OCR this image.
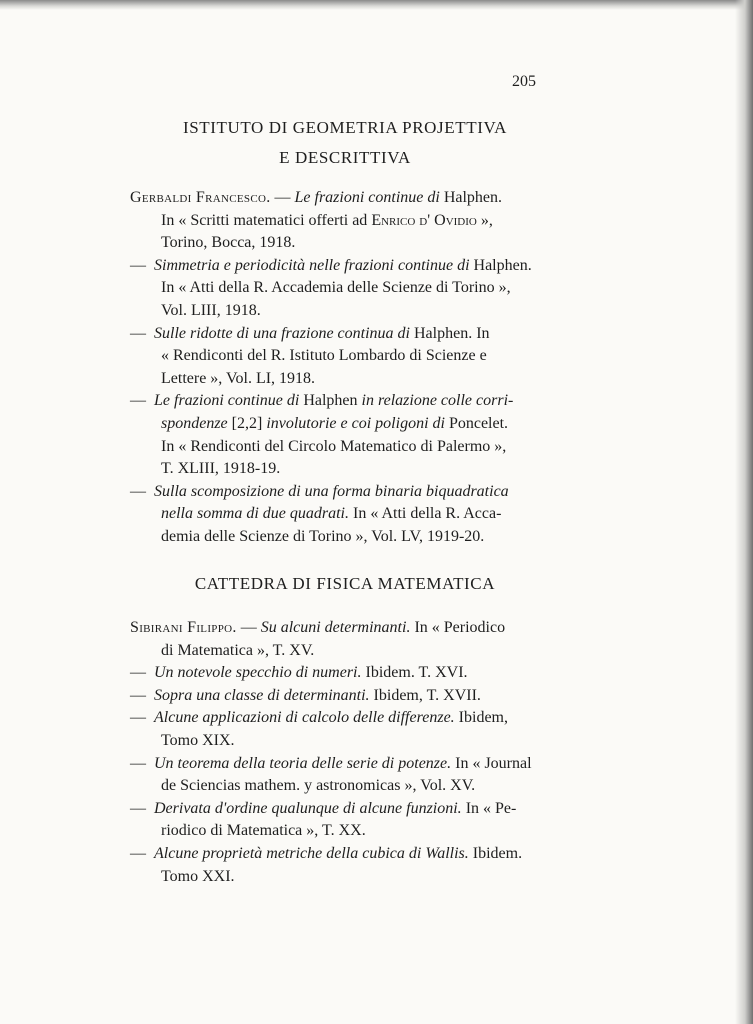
205
ISTITUTO DI GEOMETRIA PROJETTIVA
E DESCRITTIVA
Gerbaldi Francesco. — Le frazioni continue di Halphen.
In « Scritti matematici offerti ad Enrico d' Ovidio »,
Torino, Bocca, 1918.
— Simmetria e periodicità nelle frazioni continue di Halphen.
In « Atti della R. Accademia delle Scienze di Torino »,
Vol. LIII, 1918.
— Sulle ridotte di una frazione continua di Halphen. In
« Rendiconti del R. Istituto Lombardo di Scienze e
Lettere », Vol. LI, 1918.
— Le frazioni continue di Halphen in relazione colle corri-
spondenze [2,2] involutorie e coi poligoni di Poncelet.
In « Rendiconti del Circolo Matematico di Palermo »,
T. XLIII, 1918-19.
— Sulla scomposizione di una forma binaria biquadratica
nella somma di due quadrati. In « Atti della R. Acca-
demia delle Scienze di Torino », Vol. LV, 1919-20.
CATTEDRA DI FISICA MATEMATICA
Sibirani Filippo. — Su alcuni determinanti. In « Periodico
di Matematica », T. XV.
— Un notevole specchio di numeri. Ibidem. T. XVI.
— Sopra una classe di determinanti. Ibidem, T. XVII.
— Alcune applicazioni di calcolo delle differenze. Ibidem,
Tomo XIX.
— Un teorema della teoria delle serie di potenze. In « Journal
de Sciencias mathem. y astronomicas », Vol. XV.
— Derivata d'ordine qualunque di alcune funzioni. In « Pe-
riodico di Matematica », T. XX.
— Alcune proprietà metriche della cubica di Wallis. Ibidem.
Tomo XXI.
